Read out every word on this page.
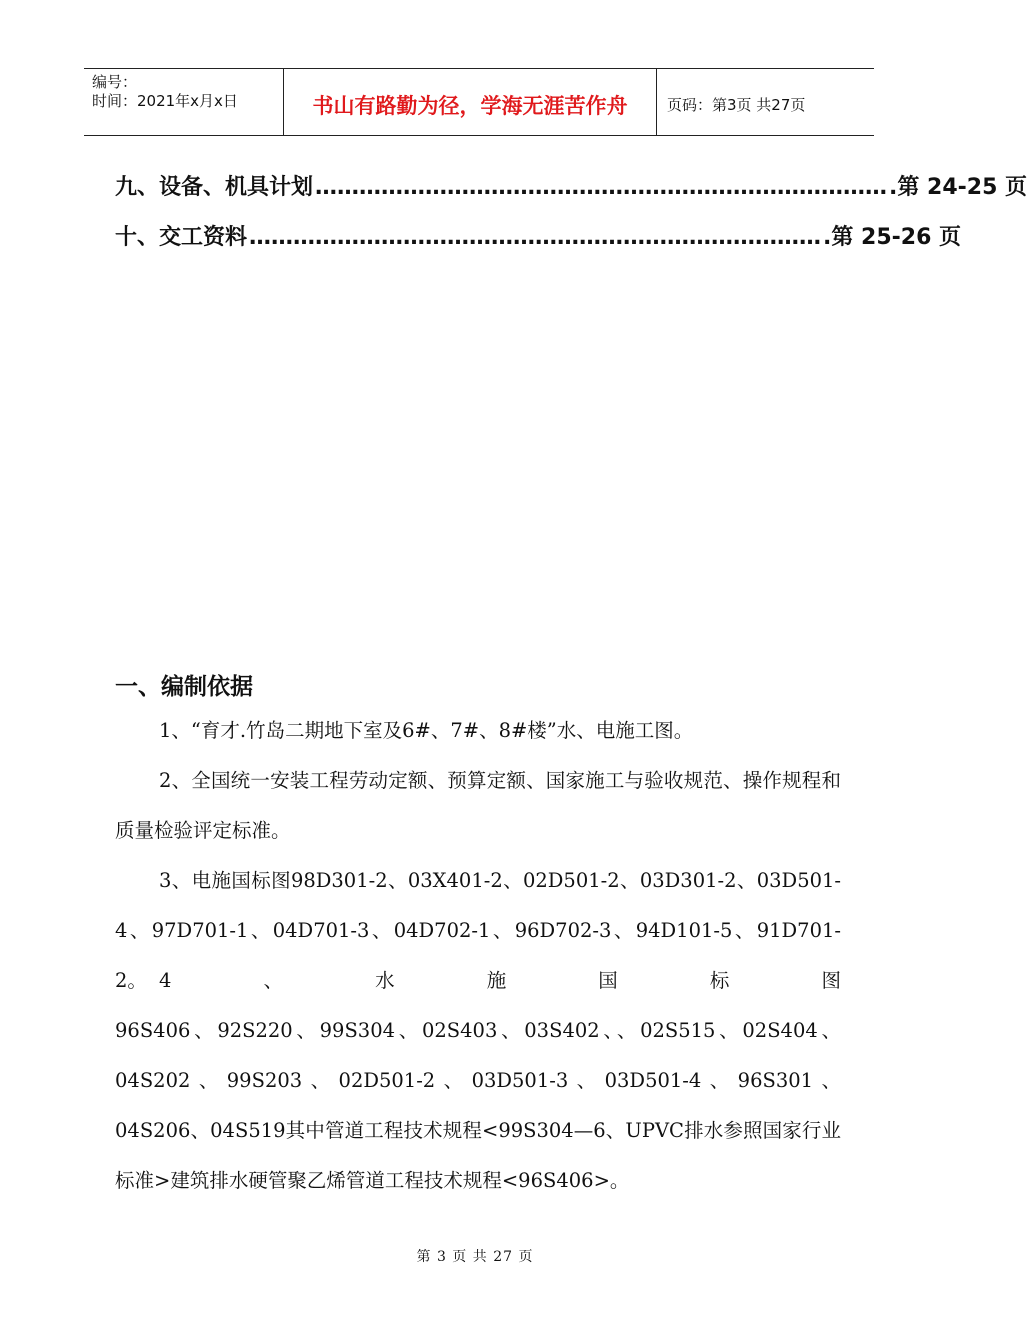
编号：
时间：2021年x月x日	书山有路勤为径，学海无涯苦作舟	页码：第3页 共27页
九、设备、机具计划 …………………………………………………………………… .第 24-25 页
十、交工资料 …………………………………………………………………… .第 25-26 页
一、编制依据
1、“育才.竹岛二期地下室及6#、7#、8#楼”水、电施工图。
2、全国统一安装工程劳动定额、预算定额、国家施工与验收规范、操作规程和质量检验评定标准。
3、电施国标图98D301-2、03X401-2、02D501-2、03D301-2、03D501-4、97D701-1、04D701-3、04D702-1、96D702-3、94D101-5、91D701-2。 4	、	水	施	国	标	图
96S406、92S220、99S304、02S403、03S402、、02S515、02S404、04S202、99S203、02D501-2、03D501-3、03D501-4、96S301、04S206、04S519其中管道工程技术规程<99S304—6、UPVC排水参照国家行业标准>建筑排水硬管聚乙烯管道工程技术规程<96S406>。
第 3 页 共 27 页
